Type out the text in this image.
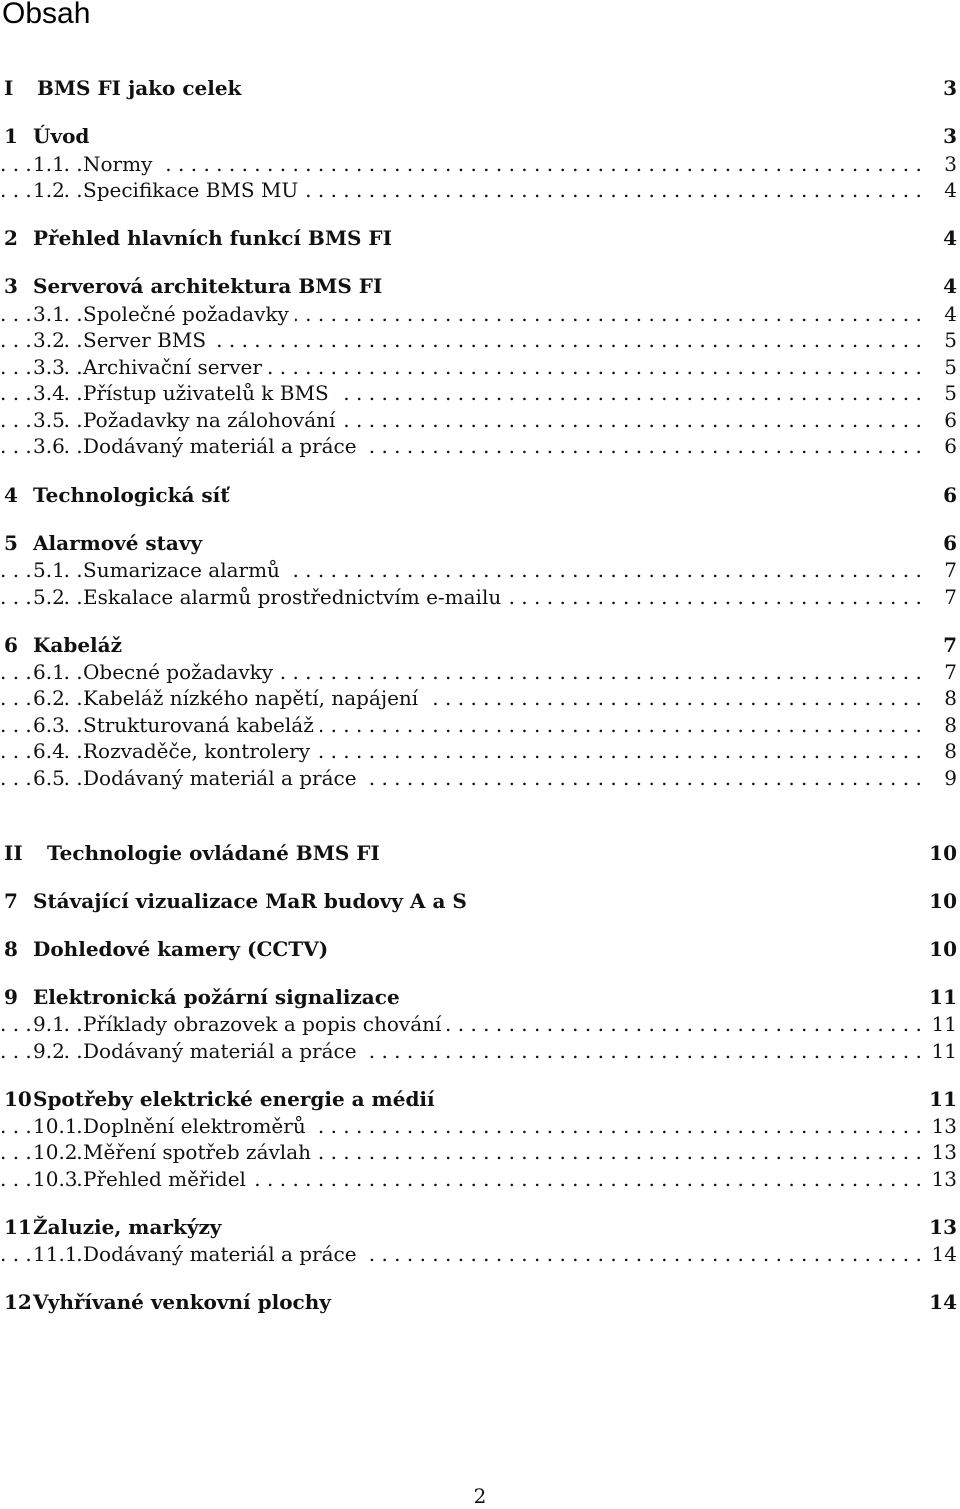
Obsah
I BMS FI jako celek	3
1 Úvod	3
. . .
1.1 Normy	3
. . .
1.2 Specifikace BMS MU	4
2 Přehled hlavních funkcí BMS FI	4
3 Serverová architektura BMS FI	4
. . .
3.1 Společné požadavky	4
. . .
3.2 Server BMS	5
. . .
3.3 Archivační server	5
. . .
3.4 Přístup uživatelů k BMS	5
. . .
3.5 Požadavky na zálohování	6
. . .
3.6 Dodávaný materiál a práce	6
4 Technologická síť	6
5 Alarmové stavy	6
. . .
5.1 Sumarizace alarmů	7
. . .
5.2 Eskalace alarmů prostřednictvím e-mailu	7
6 Kabeláž	7
. . .
6.1 Obecné požadavky	7
. . .
6.2 Kabeláž nízkého napětí, napájení	8
. . .
6.3 Strukturovaná kabeláž	8
. . .
6.4 Rozvaděče, kontrolery	8
. . .
6.5 Dodávaný materiál a práce	9
II Technologie ovládané BMS FI	10
7 Stávající vizualizace MaR budovy A a S	10
8 Dohledové kamery (CCTV)	10
9 Elektronická požární signalizace	11
. . .
9.1 Příklady obrazovek a popis chování	11
. . .
9.2 Dodávaný materiál a práce	11
10 Spotřeby elektrické energie a médií	11
. . .
10.1 Doplnění elektroměrů	13
. . .
10.2 Měření spotřeb závlah	13
. . .
10.3 Přehled měřidel	13
11 Žaluzie, markýzy	13
. . .
11.1 Dodávaný materiál a práce	14
12 Vyhřívané venkovní plochy	14
2
